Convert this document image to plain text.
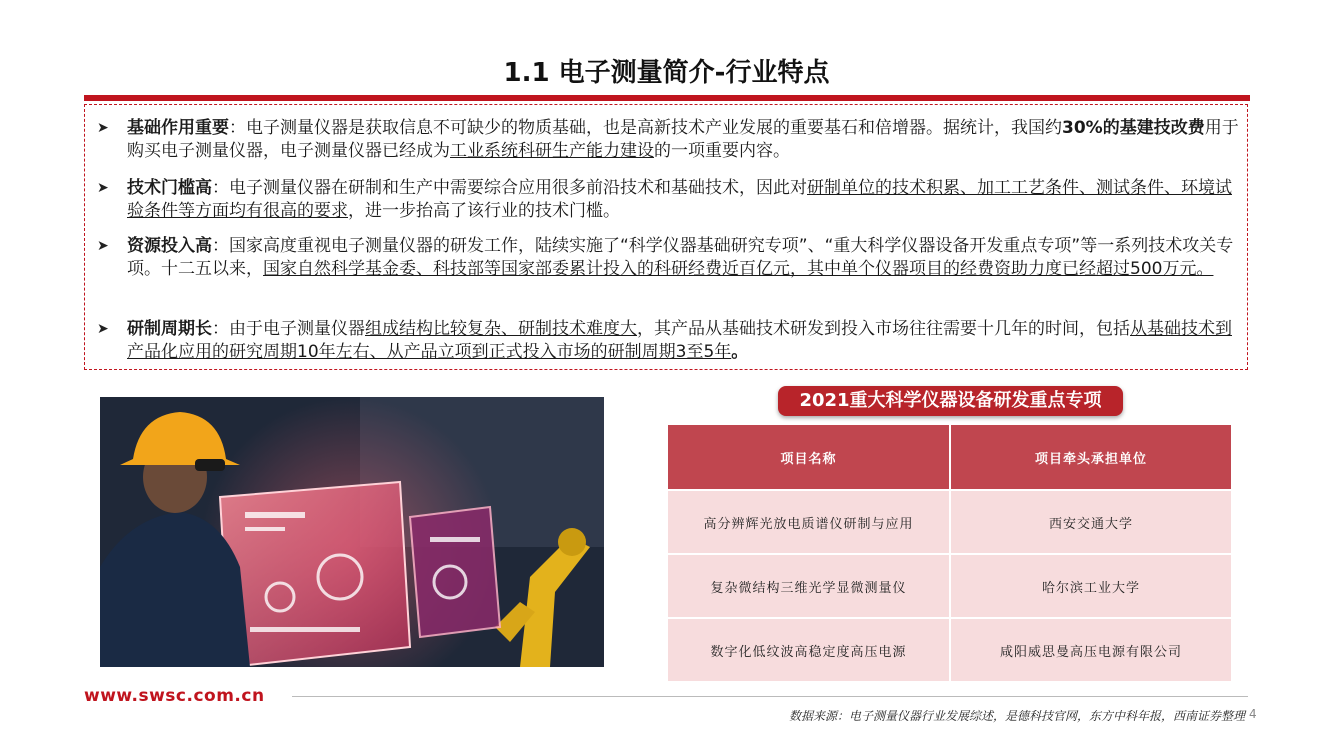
1.1 电子测量简介-行业特点
➤ 基础作用重要：电子测量仪器是获取信息不可缺少的物质基础，也是高新技术产业发展的重要基石和倍增器。据统计，我国约30%的基建技改费用于购买电子测量仪器，电子测量仪器已经成为工业系统科研生产能力建设的一项重要内容。
➤ 技术门槛高：电子测量仪器在研制和生产中需要综合应用很多前沿技术和基础技术，因此对研制单位的技术积累、加工工艺条件、测试条件、环境试验条件等方面均有很高的要求，进一步抬高了该行业的技术门槛。
➤ 资源投入高：国家高度重视电子测量仪器的研发工作，陆续实施了“科学仪器基础研究专项”、“重大科学仪器设备开发重点专项”等一系列技术攻关专项。十二五以来，国家自然科学基金委、科技部等国家部委累计投入的科研经费近百亿元，其中单个仪器项目的经费资助力度已经超过500万元。
➤ 研制周期长：由于电子测量仪器组成结构比较复杂、研制技术难度大，其产品从基础技术研发到投入市场往往需要十几年的时间，包括从基础技术到产品化应用的研究周期10年左右、从产品立项到正式投入市场的研制周期3至5年。
2021重大科学仪器设备研发重点专项
项目名称	项目牵头承担单位
高分辨辉光放电质谱仪研制与应用	西安交通大学
复杂微结构三维光学显微测量仪	哈尔滨工业大学
数字化低纹波高稳定度高压电源	咸阳威思曼高压电源有限公司
www.swsc.com.cn
数据来源：电子测量仪器行业发展综述，是德科技官网，东方中科年报，西南证券整理 4
